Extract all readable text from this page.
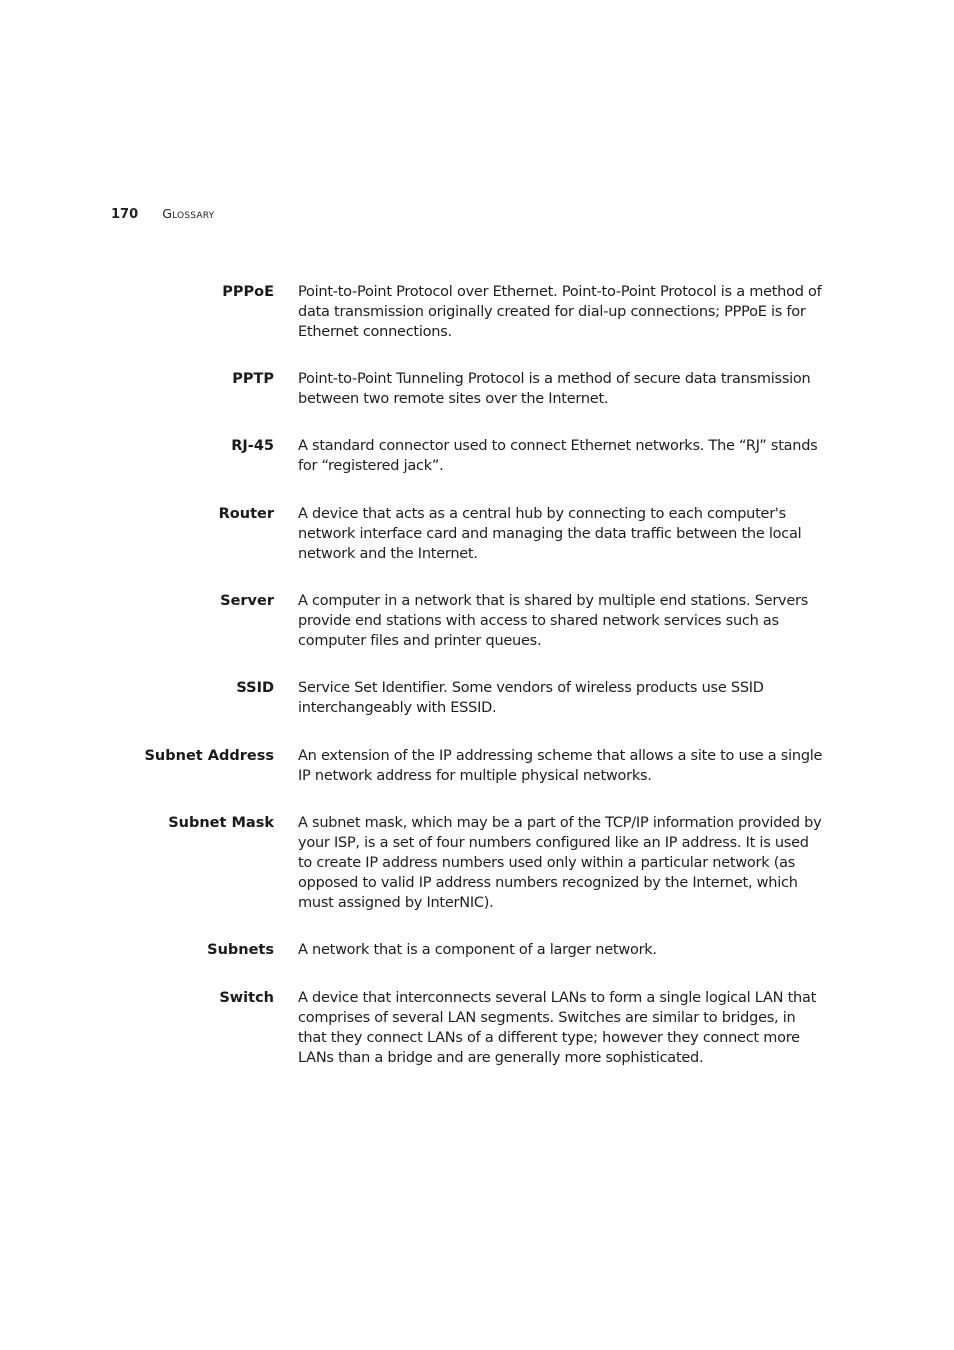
170 Glossary
PPPoE Point-to-Point Protocol over Ethernet. Point-to-Point Protocol is a method of data transmission originally created for dial-up connections; PPPoE is for Ethernet connections.
PPTP Point-to-Point Tunneling Protocol is a method of secure data transmission between two remote sites over the Internet.
RJ-45 A standard connector used to connect Ethernet networks. The “RJ” stands for “registered jack”.
Router A device that acts as a central hub by connecting to each computer's network interface card and managing the data traffic between the local network and the Internet.
Server A computer in a network that is shared by multiple end stations. Servers provide end stations with access to shared network services such as computer files and printer queues.
SSID Service Set Identifier. Some vendors of wireless products use SSID interchangeably with ESSID.
Subnet Address An extension of the IP addressing scheme that allows a site to use a single IP network address for multiple physical networks.
Subnet Mask A subnet mask, which may be a part of the TCP/IP information provided by your ISP, is a set of four numbers configured like an IP address. It is used to create IP address numbers used only within a particular network (as opposed to valid IP address numbers recognized by the Internet, which must assigned by InterNIC).
Subnets A network that is a component of a larger network.
Switch A device that interconnects several LANs to form a single logical LAN that comprises of several LAN segments. Switches are similar to bridges, in that they connect LANs of a different type; however they connect more LANs than a bridge and are generally more sophisticated.
